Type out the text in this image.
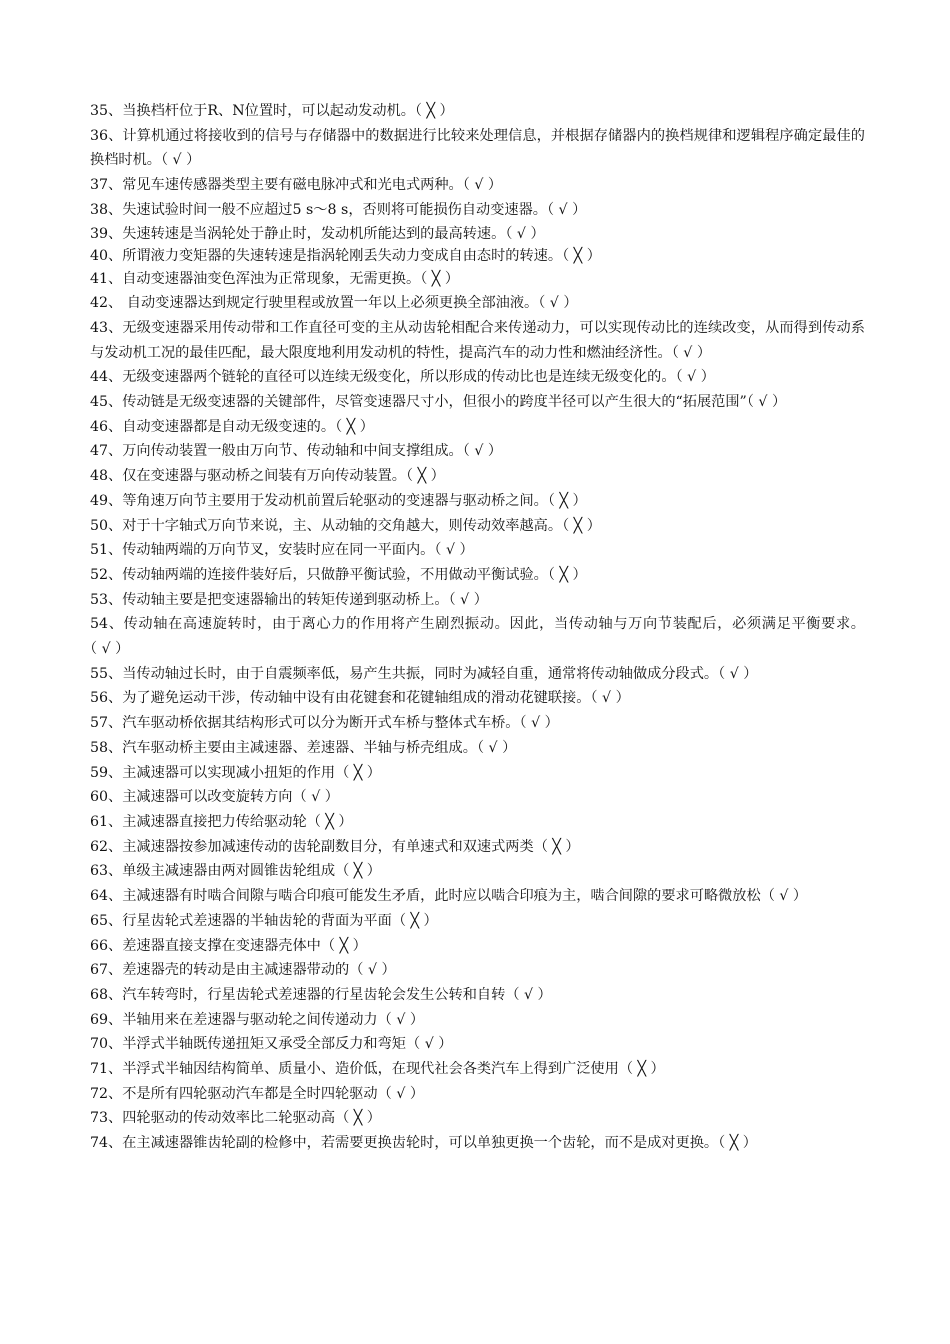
35、当换档杆位于R、N位置时，可以起动发动机。（ ╳ ）

36、计算机通过将接收到的信号与存储器中的数据进行比较来处理信息，并根据存储器内的换档规律和逻辑程序确定最佳的换档时机。（ √ ）

37、常见车速传感器类型主要有磁电脉冲式和光电式两种。（ √ ）

38、失速试验时间一般不应超过5 s～8 s，否则将可能损伤自动变速器。（ √ ）

39、失速转速是当涡轮处于静止时，发动机所能达到的最高转速。（ √ ）

40、所谓液力变矩器的失速转速是指涡轮刚丢失动力变成自由态时的转速。（ ╳ ）

41、自动变速器油变色浑浊为正常现象，无需更换。（ ╳ ）

42、 自动变速器达到规定行驶里程或放置一年以上必须更换全部油液。（ √ ）

43、无级变速器采用传动带和工作直径可变的主从动齿轮相配合来传递动力，可以实现传动比的连续改变，从而得到传动系与发动机工况的最佳匹配，最大限度地利用发动机的特性，提高汽车的动力性和燃油经济性。（ √ ）

44、无级变速器两个链轮的直径可以连续无级变化，所以形成的传动比也是连续无级变化的。（ √ ）

45、传动链是无级变速器的关键部件，尽管变速器尺寸小，但很小的跨度半径可以产生很大的“拓展范围”（ √ ）

46、自动变速器都是自动无级变速的。（ ╳ ）

47、万向传动装置一般由万向节、传动轴和中间支撑组成。（ √ ）

48、仅在变速器与驱动桥之间装有万向传动装置。（ ╳ ）

49、等角速万向节主要用于发动机前置后轮驱动的变速器与驱动桥之间。（ ╳ ）

50、对于十字轴式万向节来说，主、从动轴的交角越大，则传动效率越高。（ ╳ ）

51、传动轴两端的万向节叉，安装时应在同一平面内。（ √ ）

52、传动轴两端的连接件装好后，只做静平衡试验，不用做动平衡试验。（ ╳ ）

53、传动轴主要是把变速器输出的转矩传递到驱动桥上。（ √ ）

54、传动轴在高速旋转时，由于离心力的作用将产生剧烈振动。因此，当传动轴与万向节装配后，必须满足平衡要求。（ √ ）

55、当传动轴过长时，由于自震频率低，易产生共振，同时为减轻自重，通常将传动轴做成分段式。（ √ ）

56、为了避免运动干涉，传动轴中设有由花键套和花键轴组成的滑动花键联接。（ √ ）

57、汽车驱动桥依据其结构形式可以分为断开式车桥与整体式车桥。（ √ ）

58、汽车驱动桥主要由主减速器、差速器、半轴与桥壳组成。（ √ ）

59、主减速器可以实现减小扭矩的作用（ ╳ ）

60、主减速器可以改变旋转方向（ √ ）

61、主减速器直接把力传给驱动轮（ ╳ ）

62、主减速器按参加减速传动的齿轮副数目分，有单速式和双速式两类（ ╳ ）

63、单级主减速器由两对圆锥齿轮组成（ ╳ ）

64、主减速器有时啮合间隙与啮合印痕可能发生矛盾，此时应以啮合印痕为主，啮合间隙的要求可略微放松（ √ ）

65、行星齿轮式差速器的半轴齿轮的背面为平面（ ╳ ）

66、差速器直接支撑在变速器壳体中（ ╳ ）

67、差速器壳的转动是由主减速器带动的（ √ ）

68、汽车转弯时，行星齿轮式差速器的行星齿轮会发生公转和自转（ √ ）

69、半轴用来在差速器与驱动轮之间传递动力（ √ ）

70、半浮式半轴既传递扭矩又承受全部反力和弯矩（ √ ）

71、半浮式半轴因结构简单、质量小、造价低，在现代社会各类汽车上得到广泛使用（ ╳ ）

72、不是所有四轮驱动汽车都是全时四轮驱动（ √ ）

73、四轮驱动的传动效率比二轮驱动高（ ╳ ）

74、在主减速器锥齿轮副的检修中，若需要更换齿轮时，可以单独更换一个齿轮，而不是成对更换。（ ╳ ）
